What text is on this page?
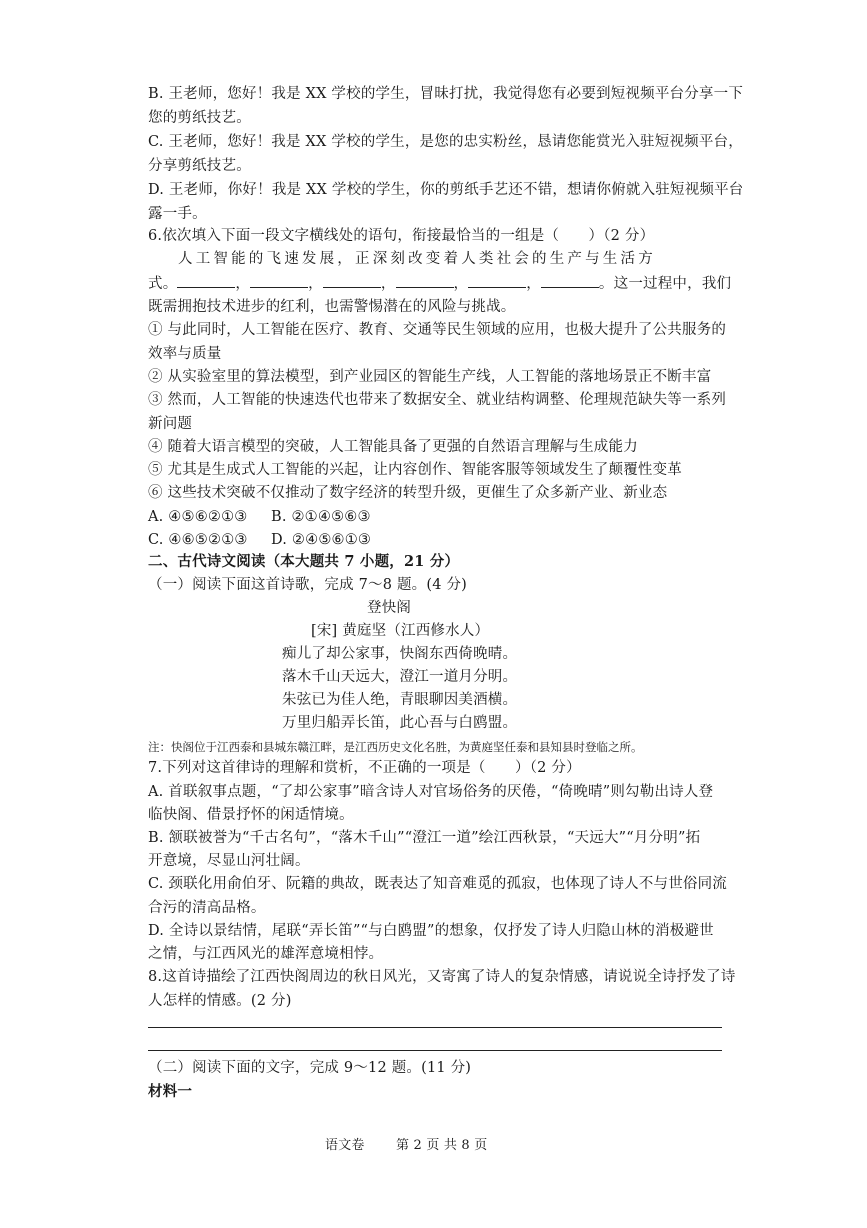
B. 王老师，您好！我是 XX 学校的学生，冒昧打扰，我觉得您有必要到短视频平台分享一下
您的剪纸技艺。
C. 王老师，您好！我是 XX 学校的学生，是您的忠实粉丝，恳请您能赏光入驻短视频平台，
分享剪纸技艺。
D. 王老师，你好！我是 XX 学校的学生，你的剪纸手艺还不错，想请你俯就入驻短视频平台
露一手。
6.依次填入下面一段文字横线处的语句，衔接最恰当的一组是（　　）（2 分）
人工智能的飞速发展，正深刻改变着人类社会的生产与生活方
式。	，	，	，	，	，	。这一过程中，我们
既需拥抱技术进步的红利，也需警惕潜在的风险与挑战。
① 与此同时，人工智能在医疗、教育、交通等民生领域的应用，也极大提升了公共服务的
效率与质量
② 从实验室里的算法模型，到产业园区的智能生产线，人工智能的落地场景正不断丰富
③ 然而，人工智能的快速迭代也带来了数据安全、就业结构调整、伦理规范缺失等一系列
新问题
④ 随着大语言模型的突破，人工智能具备了更强的自然语言理解与生成能力
⑤ 尤其是生成式人工智能的兴起，让内容创作、智能客服等领域发生了颠覆性变革
⑥ 这些技术突破不仅推动了数字经济的转型升级，更催生了众多新产业、新业态
A. ④⑤⑥②①③ B. ②①④⑤⑥③
C. ④⑥⑤②①③ D. ②④⑤⑥①③
二、古代诗文阅读（本大题共 7 小题，21 分）
（一）阅读下面这首诗歌，完成 7～8 题。(4 分)
登快阁
[宋] 黄庭坚（江西修水人）
痴儿了却公家事，快阁东西倚晚晴。
落木千山天远大，澄江一道月分明。
朱弦已为佳人绝，青眼聊因美酒横。
万里归船弄长笛，此心吾与白鸥盟。
注：快阁位于江西泰和县城东赣江畔，是江西历史文化名胜，为黄庭坚任泰和县知县时登临之所。
7.下列对这首律诗的理解和赏析，不正确的一项是（　　）（2 分）
A. 首联叙事点题，“了却公家事”暗含诗人对官场俗务的厌倦，“倚晚晴”则勾勒出诗人登
临快阁、借景抒怀的闲适情境。
B. 颔联被誉为“千古名句”，“落木千山”“澄江一道”绘江西秋景，“天远大”“月分明”拓
开意境，尽显山河壮阔。
C. 颈联化用俞伯牙、阮籍的典故，既表达了知音难觅的孤寂，也体现了诗人不与世俗同流
合污的清高品格。
D. 全诗以景结情，尾联“弄长笛”“与白鸥盟”的想象，仅抒发了诗人归隐山林的消极避世
之情，与江西风光的雄浑意境相悖。
8.这首诗描绘了江西快阁周边的秋日风光，又寄寓了诗人的复杂情感，请说说全诗抒发了诗
人怎样的情感。(2 分)
（二）阅读下面的文字，完成 9～12 题。(11 分)
材料一
语文卷 第 2 页 共 8 页
